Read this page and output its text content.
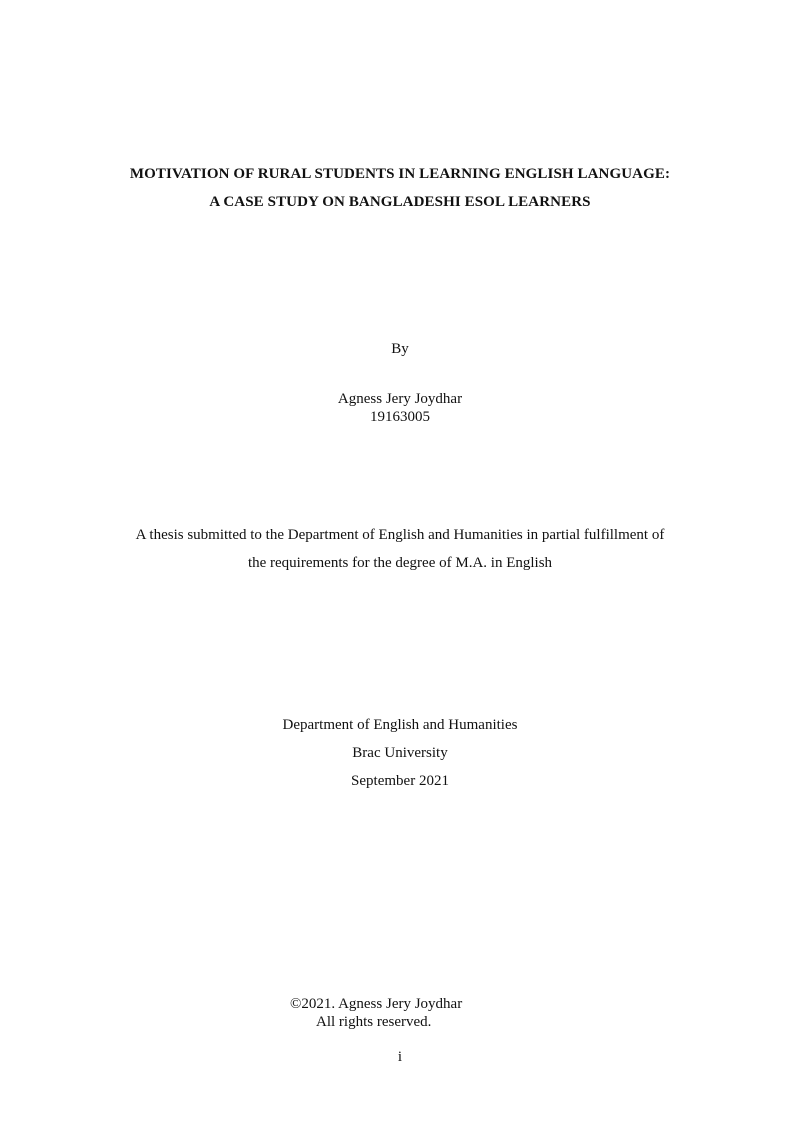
MOTIVATION OF RURAL STUDENTS IN LEARNING ENGLISH LANGUAGE:
A CASE STUDY ON BANGLADESHI ESOL LEARNERS
By
Agness Jery Joydhar
19163005
A thesis submitted to the Department of English and Humanities in partial fulfillment of
the requirements for the degree of M.A. in English
Department of English and Humanities
Brac University
September 2021
©2021. Agness Jery Joydhar
All rights reserved.
i
